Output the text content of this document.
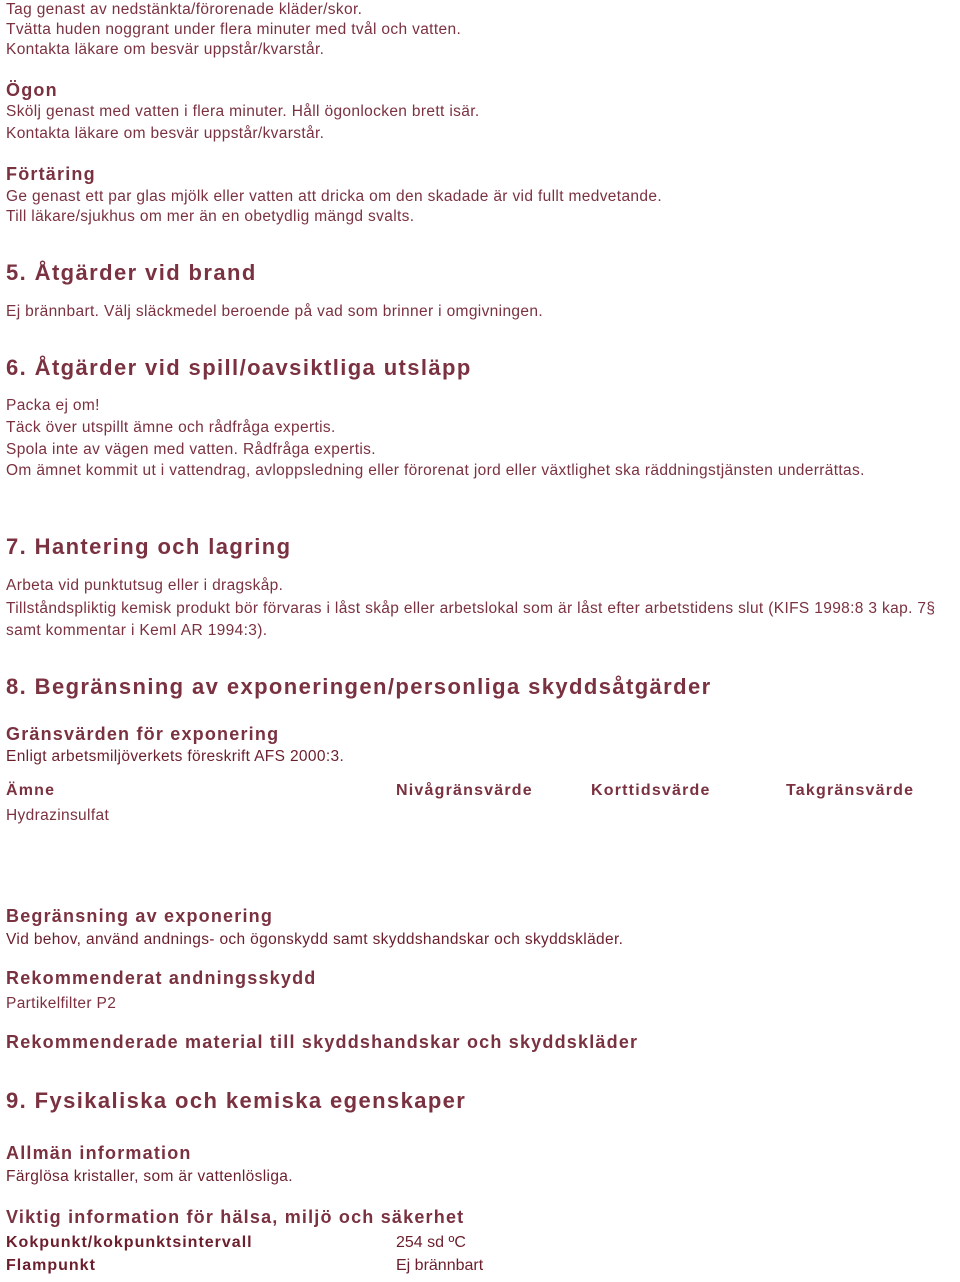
Tag genast av nedstänkta/förorenade kläder/skor.
Tvätta huden noggrant under flera minuter med tvål och vatten.
Kontakta läkare om besvär uppstår/kvarstår.
Ögon
Skölj genast med vatten i flera minuter. Håll ögonlocken brett isär.
Kontakta läkare om besvär uppstår/kvarstår.
Förtäring
Ge genast ett par glas mjölk eller vatten att dricka om den skadade är vid fullt medvetande.
Till läkare/sjukhus om mer än en obetydlig mängd svalts.
5. Åtgärder vid brand
Ej brännbart. Välj släckmedel beroende på vad som brinner i omgivningen.
6. Åtgärder vid spill/oavsiktliga utsläpp
Packa ej om!
Täck över utspillt ämne och rådfråga expertis.
Spola inte av vägen med vatten. Rådfråga expertis.
Om ämnet kommit ut i vattendrag, avloppsledning eller förorenat jord eller växtlighet ska räddningstjänsten underrättas.
7. Hantering och lagring
Arbeta vid punktutsug eller i dragskåp.
Tillståndspliktig kemisk produkt bör förvaras i låst skåp eller arbetslokal som är låst efter arbetstidens slut (KIFS 1998:8 3 kap. 7§ samt kommentar i KemI AR 1994:3).
8. Begränsning av exponeringen/personliga skyddsåtgärder
Gränsvärden för exponering
Enligt arbetsmiljöverkets föreskrift AFS 2000:3.
Ämne	Nivågränsvärde	Korttidsvärde	Takgränsvärde
Hydrazinsulfat
Begränsning av exponering
Vid behov, använd andnings- och ögonskydd samt skyddshandskar och skyddskläder.
Rekommenderat andningsskydd
Partikelfilter P2
Rekommenderade material till skyddshandskar och skyddskläder
9. Fysikaliska och kemiska egenskaper
Allmän information
Färglösa kristaller, som är vattenlösliga.
Viktig information för hälsa, miljö och säkerhet
Kokpunkt/kokpunktsintervall	254 sd ºC
Flampunkt	Ej brännbart
